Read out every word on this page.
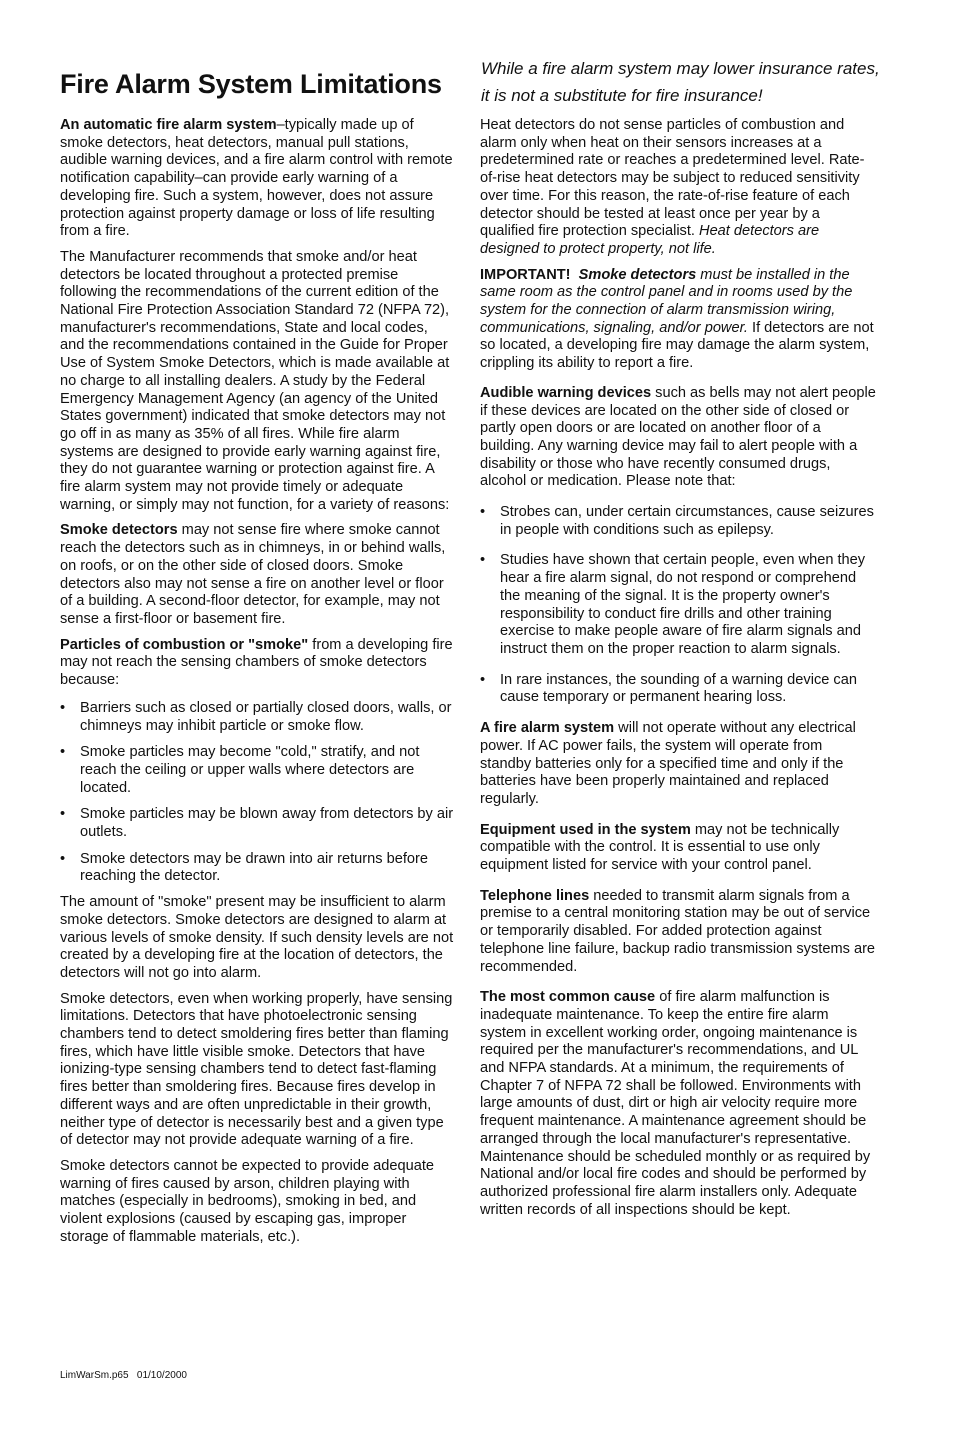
Fire Alarm System Limitations

While a fire alarm system may lower insurance rates, it is not a substitute for fire insurance!

An automatic fire alarm system–typically made up of smoke detectors, heat detectors, manual pull stations, audible warning devices, and a fire alarm control with remote notification capability–can provide early warning of a developing fire. Such a system, however, does not assure protection against property damage or loss of life resulting from a fire.

The Manufacturer recommends that smoke and/or heat detectors be located throughout a protected premise following the recommendations of the current edition of the National Fire Protection Association Standard 72 (NFPA 72), manufacturer's recommendations, State and local codes, and the recommendations contained in the Guide for Proper Use of System Smoke Detectors, which is made available at no charge to all installing dealers. A study by the Federal Emergency Management Agency (an agency of the United States government) indicated that smoke detectors may not go off in as many as 35% of all fires. While fire alarm systems are designed to provide early warning against fire, they do not guarantee warning or protection against fire. A fire alarm system may not provide timely or adequate warning, or simply may not function, for a variety of reasons:

Smoke detectors may not sense fire where smoke cannot reach the detectors such as in chimneys, in or behind walls, on roofs, or on the other side of closed doors. Smoke detectors also may not sense a fire on another level or floor of a building. A second-floor detector, for example, may not sense a first-floor or basement fire.

Particles of combustion or "smoke" from a developing fire may not reach the sensing chambers of smoke detectors because:

• Barriers such as closed or partially closed doors, walls, or chimneys may inhibit particle or smoke flow.
• Smoke particles may become "cold," stratify, and not reach the ceiling or upper walls where detectors are located.
• Smoke particles may be blown away from detectors by air outlets.
• Smoke detectors may be drawn into air returns before reaching the detector.

The amount of "smoke" present may be insufficient to alarm smoke detectors. Smoke detectors are designed to alarm at various levels of smoke density. If such density levels are not created by a developing fire at the location of detectors, the detectors will not go into alarm.

Smoke detectors, even when working properly, have sensing limitations. Detectors that have photoelectronic sensing chambers tend to detect smoldering fires better than flaming fires, which have little visible smoke. Detectors that have ionizing-type sensing chambers tend to detect fast-flaming fires better than smoldering fires. Because fires develop in different ways and are often unpredictable in their growth, neither type of detector is necessarily best and a given type of detector may not provide adequate warning of a fire.

Smoke detectors cannot be expected to provide adequate warning of fires caused by arson, children playing with matches (especially in bedrooms), smoking in bed, and violent explosions (caused by escaping gas, improper storage of flammable materials, etc.).

Heat detectors do not sense particles of combustion and alarm only when heat on their sensors increases at a predetermined rate or reaches a predetermined level. Rate-of-rise heat detectors may be subject to reduced sensitivity over time. For this reason, the rate-of-rise feature of each detector should be tested at least once per year by a qualified fire protection specialist. Heat detectors are designed to protect property, not life.

IMPORTANT! Smoke detectors must be installed in the same room as the control panel and in rooms used by the system for the connection of alarm transmission wiring, communications, signaling, and/or power. If detectors are not so located, a developing fire may damage the alarm system, crippling its ability to report a fire.

Audible warning devices such as bells may not alert people if these devices are located on the other side of closed or partly open doors or are located on another floor of a building. Any warning device may fail to alert people with a disability or those who have recently consumed drugs, alcohol or medication. Please note that:

• Strobes can, under certain circumstances, cause seizures in people with conditions such as epilepsy.
• Studies have shown that certain people, even when they hear a fire alarm signal, do not respond or comprehend the meaning of the signal. It is the property owner's responsibility to conduct fire drills and other training exercise to make people aware of fire alarm signals and instruct them on the proper reaction to alarm signals.
• In rare instances, the sounding of a warning device can cause temporary or permanent hearing loss.

A fire alarm system will not operate without any electrical power. If AC power fails, the system will operate from standby batteries only for a specified time and only if the batteries have been properly maintained and replaced regularly.

Equipment used in the system may not be technically compatible with the control. It is essential to use only equipment listed for service with your control panel.

Telephone lines needed to transmit alarm signals from a premise to a central monitoring station may be out of service or temporarily disabled. For added protection against telephone line failure, backup radio transmission systems are recommended.

The most common cause of fire alarm malfunction is inadequate maintenance. To keep the entire fire alarm system in excellent working order, ongoing maintenance is required per the manufacturer's recommendations, and UL and NFPA standards. At a minimum, the requirements of Chapter 7 of NFPA 72 shall be followed. Environments with large amounts of dust, dirt or high air velocity require more frequent maintenance. A maintenance agreement should be arranged through the local manufacturer's representative. Maintenance should be scheduled monthly or as required by National and/or local fire codes and should be performed by authorized professional fire alarm installers only. Adequate written records of all inspections should be kept.

LimWarSm.p65 01/10/2000
